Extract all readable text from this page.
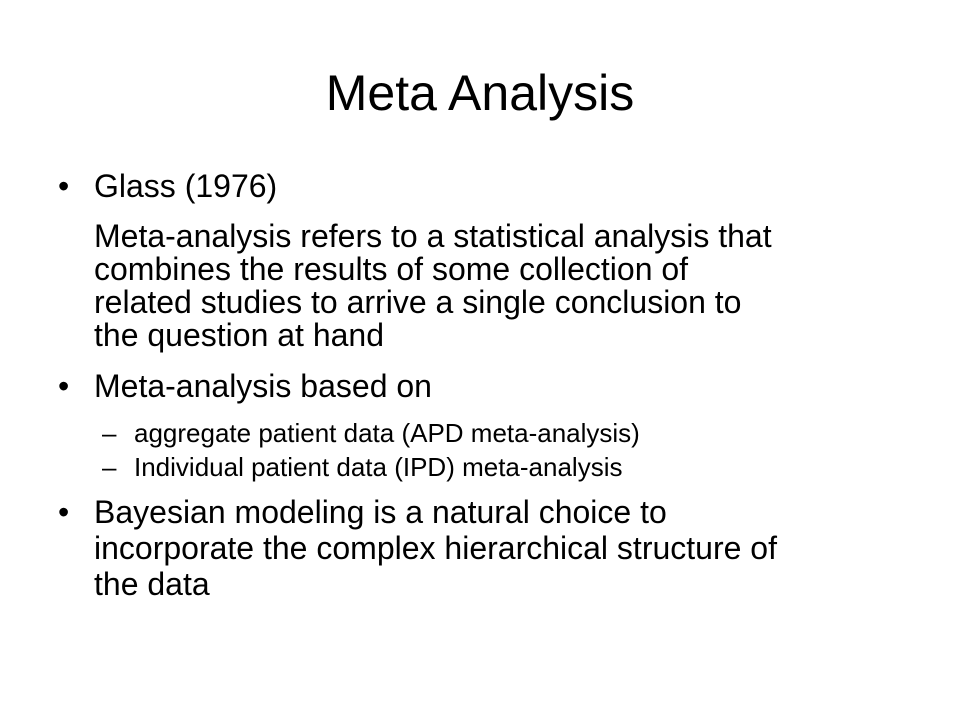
Meta Analysis
• Glass (1976)
Meta-analysis refers to a statistical analysis that
combines the results of some collection of
related studies to arrive a single conclusion to
the question at hand
• Meta-analysis based on
– aggregate patient data (APD meta-analysis)
– Individual patient data (IPD) meta-analysis
• Bayesian modeling is a natural choice to
incorporate the complex hierarchical structure of
the data
